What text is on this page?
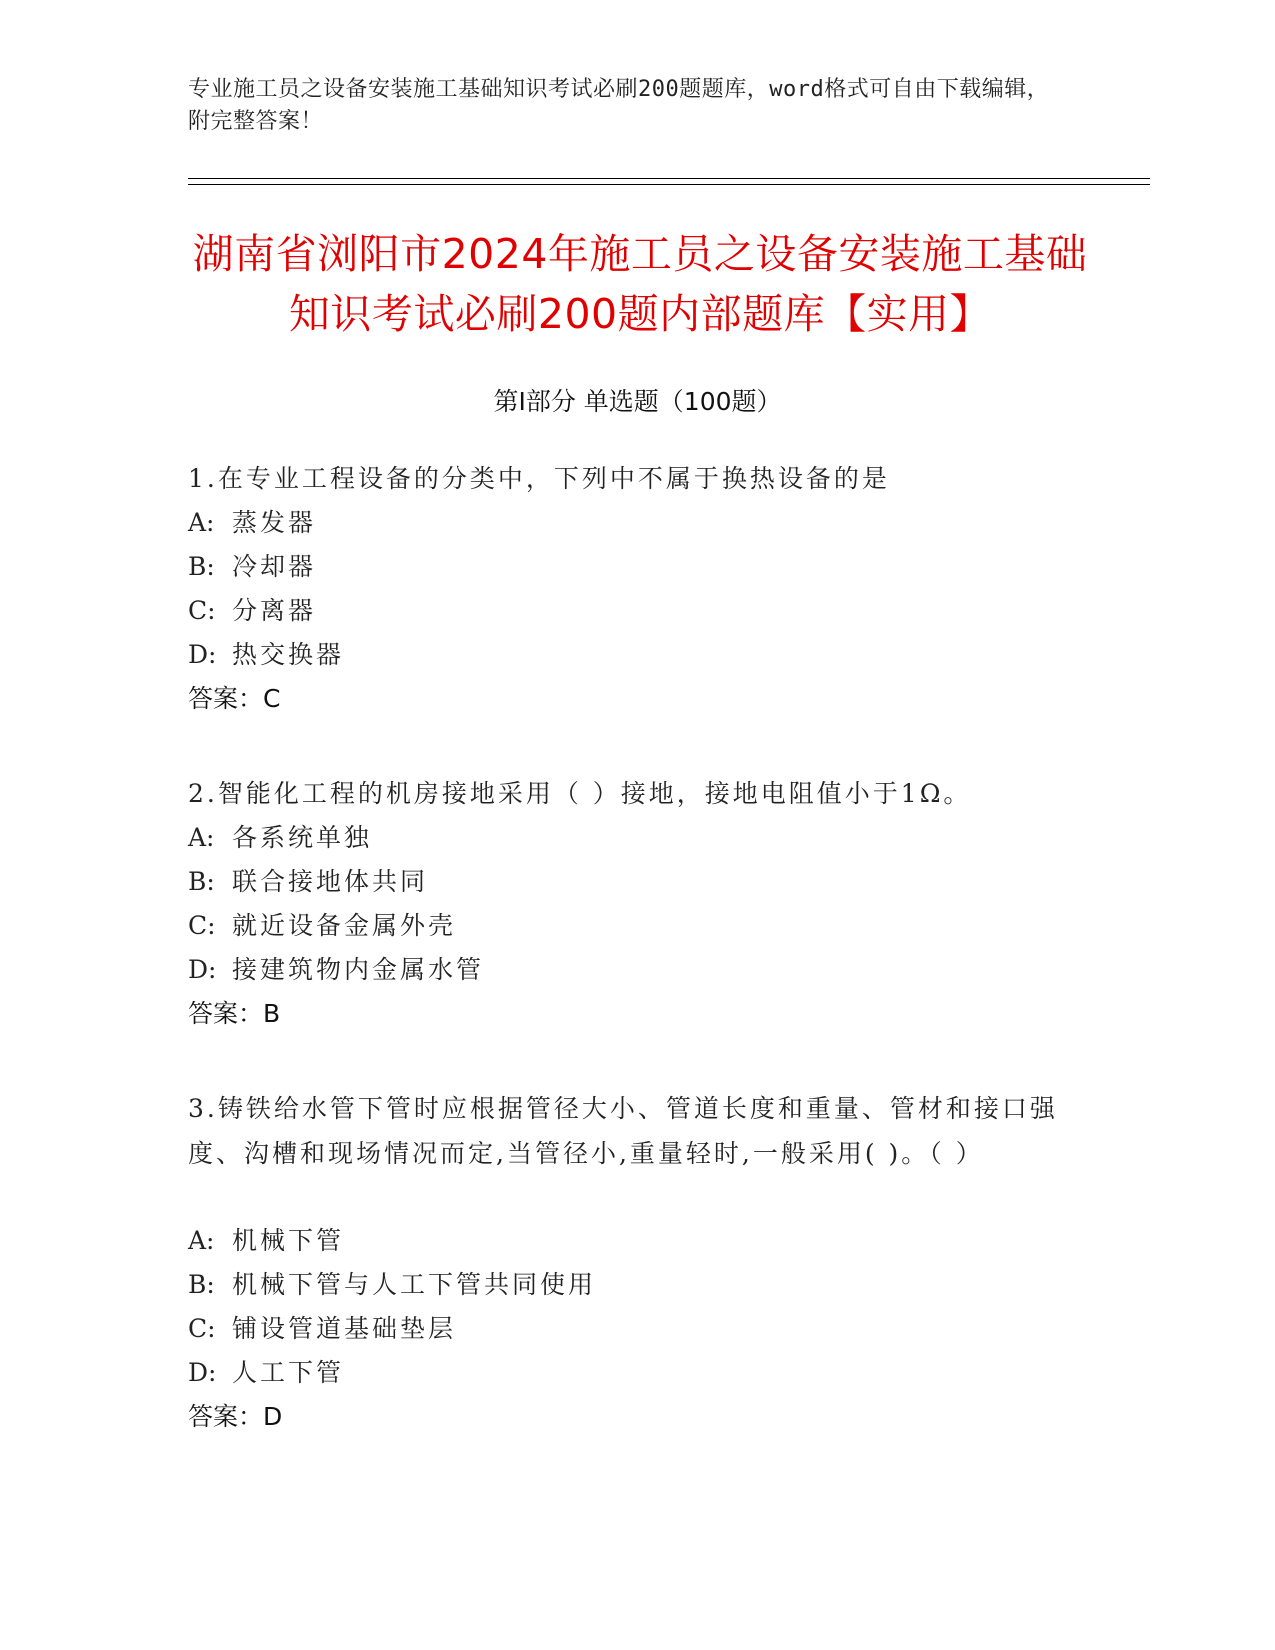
专业施工员之设备安装施工基础知识考试必刷200题题库，word格式可自由下载编辑，附完整答案！
湖南省浏阳市2024年施工员之设备安装施工基础知识考试必刷200题内部题库【实用】
第I部分 单选题（100题）
1.在专业工程设备的分类中，下列中不属于换热设备的是
A: 蒸发器
B: 冷却器
C: 分离器
D: 热交换器
答案：C
2.智能化工程的机房接地采用（ ）接地，接地电阻值小于1Ω。
A: 各系统单独
B: 联合接地体共同
C: 就近设备金属外壳
D: 接建筑物内金属水管
答案：B
3.铸铁给水管下管时应根据管径大小、管道长度和重量、管材和接口强度、沟槽和现场情况而定,当管径小,重量轻时,一般采用( )。（ ）
A: 机械下管
B: 机械下管与人工下管共同使用
C: 铺设管道基础垫层
D: 人工下管
答案：D
